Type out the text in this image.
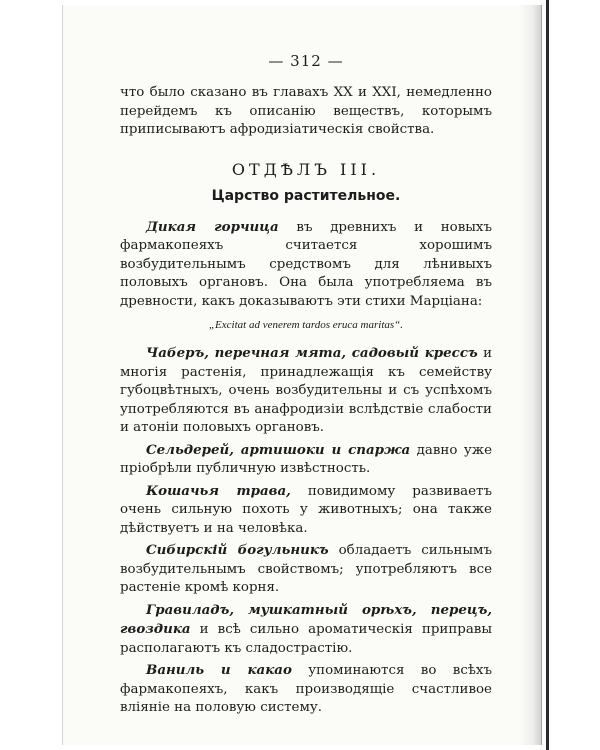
— 312 —

что было сказано въ главахъ XX и XXI, немедленно перейдемъ къ описанію веществъ, которымъ приписываютъ афродизіатическія свойства.

ОТДѢЛЪ III.
Царство растительное.

Дикая горчица въ древнихъ и новыхъ фармакопеяхъ считается хорошимъ возбудительнымъ средствомъ для лѣнивыхъ половыхъ органовъ. Она была употребляема въ древности, какъ доказываютъ эти стихи Марціана:

„Excitat ad venerem tardos eruca maritas“.

Чаберъ, перечная мята, садовый крессъ и многія растенія, принадлежащія къ семейству губоцвѣтныхъ, очень возбудительны и съ успѣхомъ употребляются въ анафродизіи вслѣдствіе слабости и атоніи половыхъ органовъ.

Сельдерей, артишоки и спаржа давно уже пріобрѣли публичную извѣстность.

Кошачья трава, повидимому развиваетъ очень сильную похоть у животныхъ; она также дѣйствуетъ и на человѣка.

Сибирскій богульникъ обладаетъ сильнымъ возбудительнымъ свойствомъ; употребляютъ все растеніе кромѣ корня.

Гравиладъ, мушкатный орѣхъ, перецъ, гвоздика и всѣ сильно ароматическія приправы располагаютъ къ сладострастію.

Ваниль и какао упоминаются во всѣхъ фармакопеяхъ, какъ производящіе счастливое вліяніе на половую систему.
